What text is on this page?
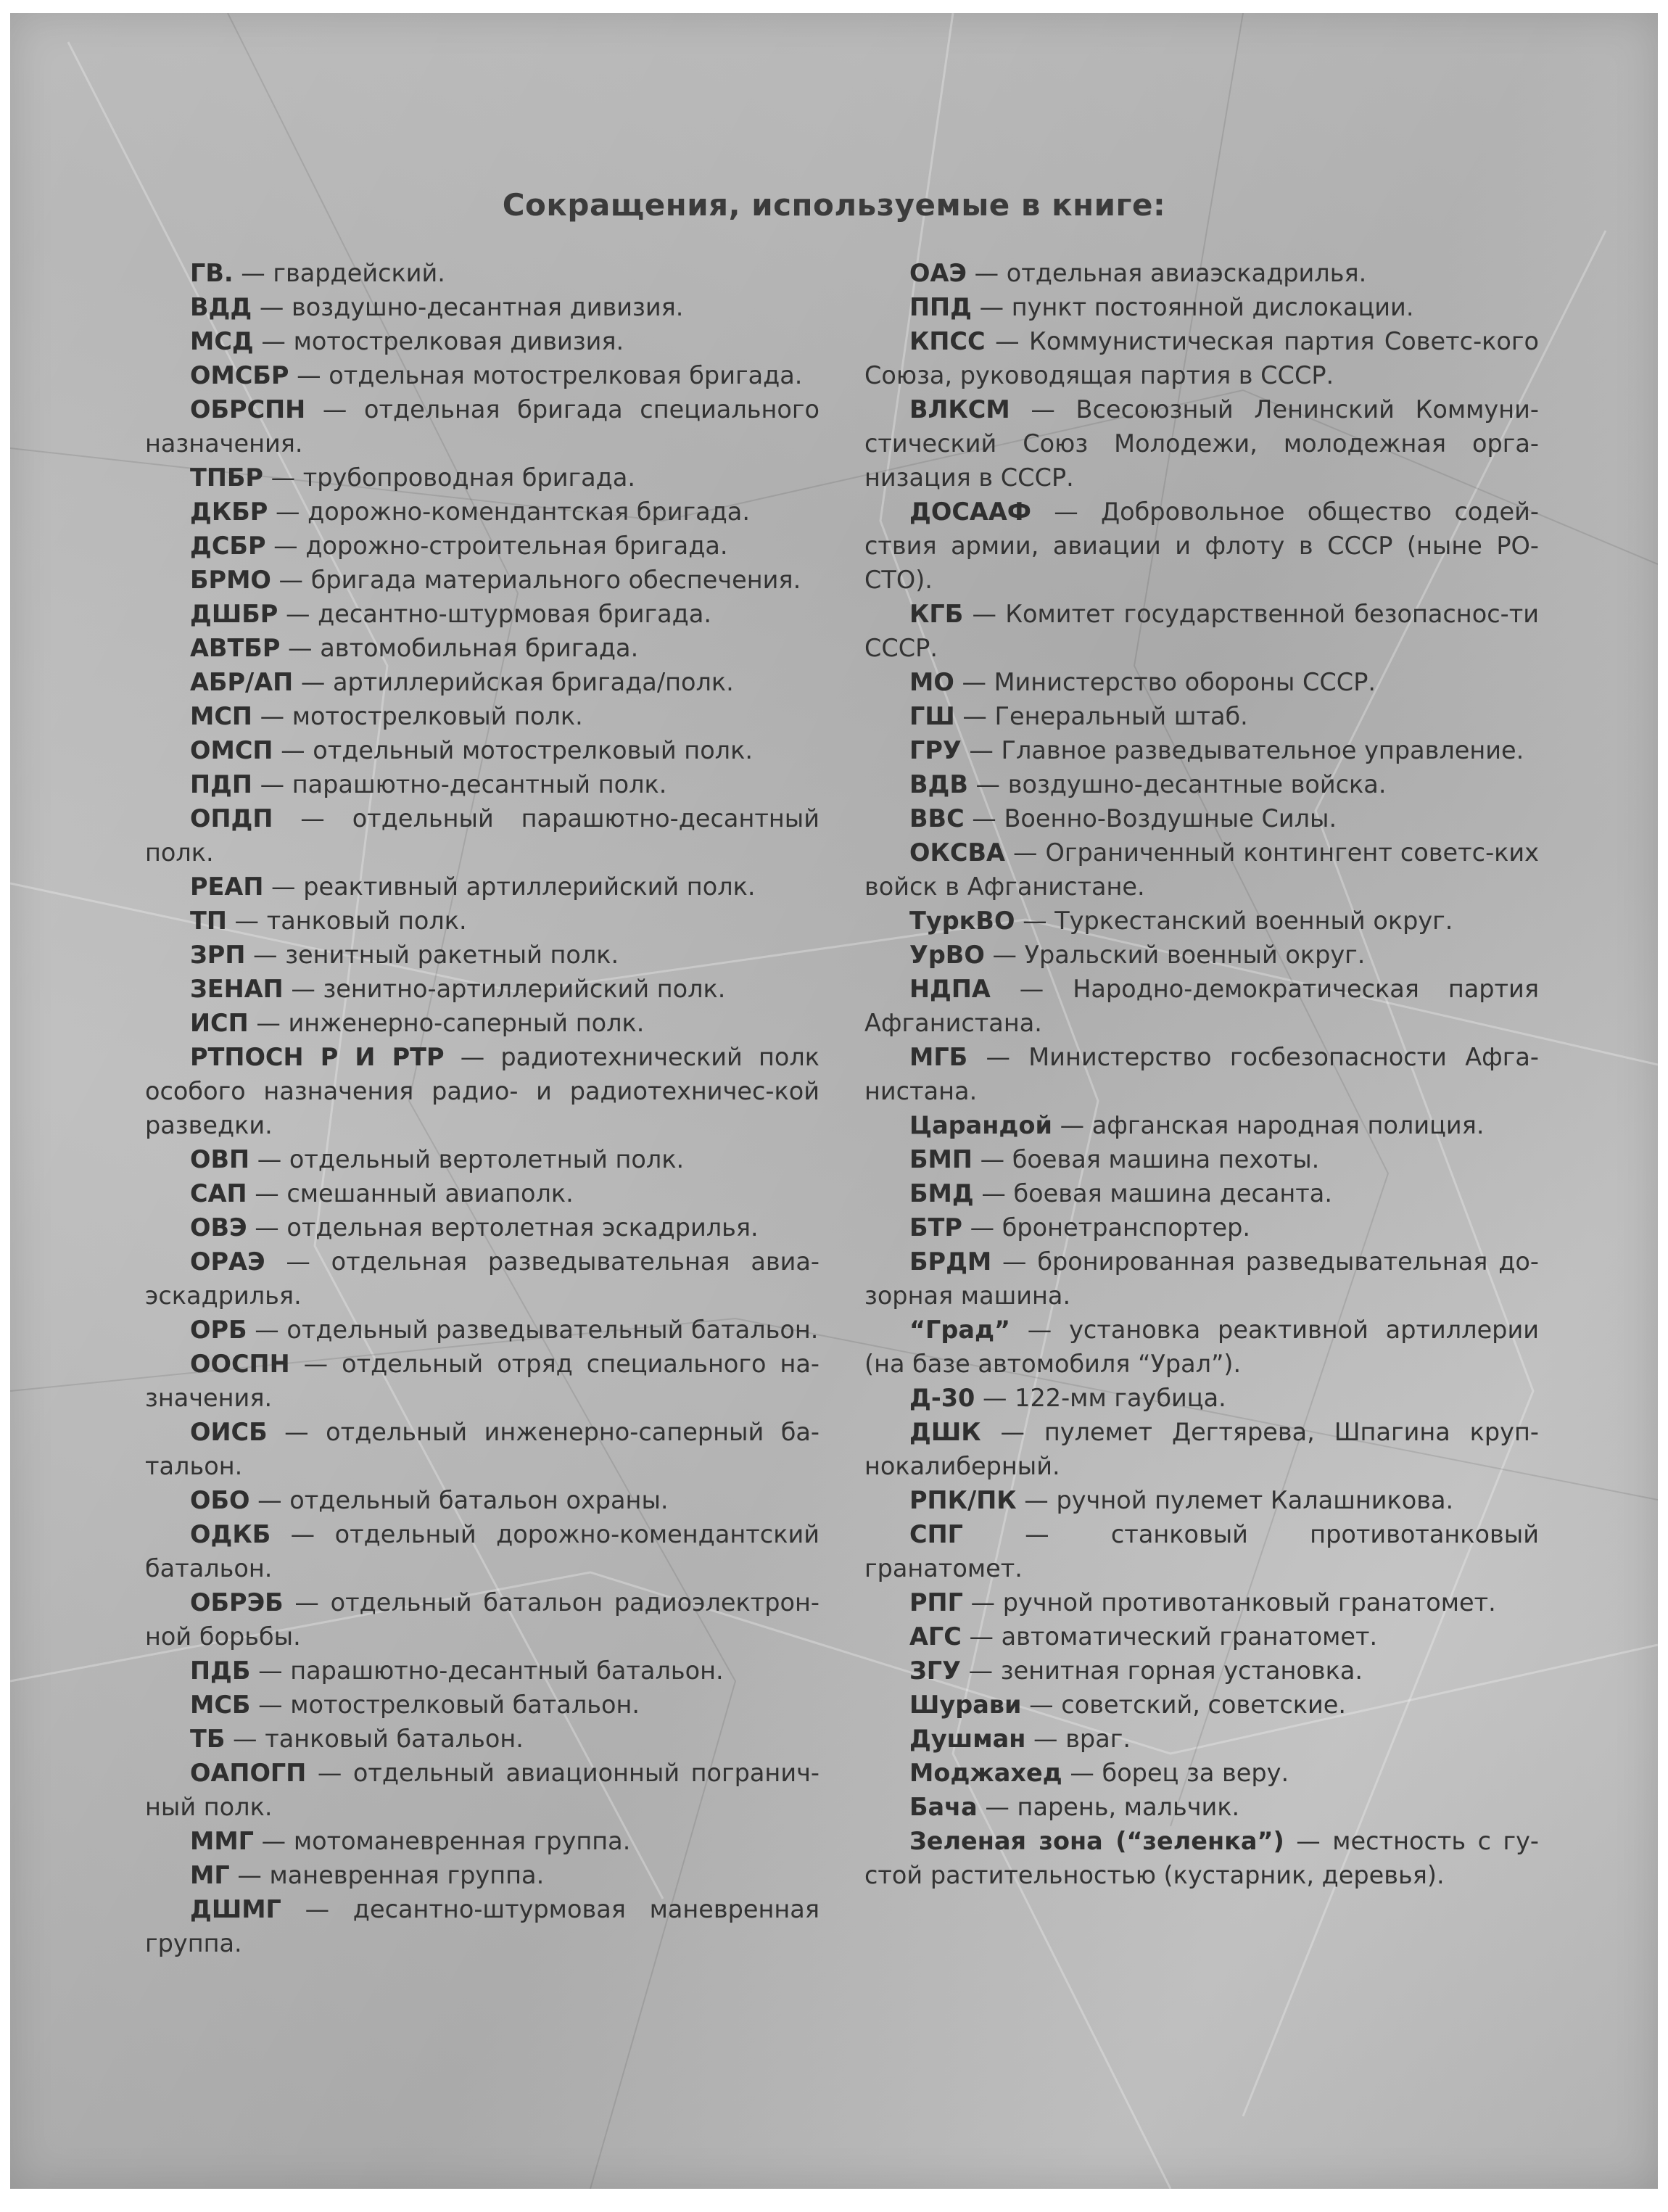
Сокращения, используемые в книге:
ГВ. — гвардейский.
ВДД — воздушно-десантная дивизия.
МСД — мотострелковая дивизия.
ОМСБР — отдельная мотострелковая бригада.
ОБРСПН — отдельная бригада специального назначения.
ТПБР — трубопроводная бригада.
ДКБР — дорожно-комендантская бригада.
ДСБР — дорожно-строительная бригада.
БРМО — бригада материального обеспечения.
ДШБР — десантно-штурмовая бригада.
АВТБР — автомобильная бригада.
АБР/АП — артиллерийская бригада/полк.
МСП — мотострелковый полк.
ОМСП — отдельный мотострелковый полк.
ПДП — парашютно-десантный полк.
ОПДП — отдельный парашютно-десантный полк.
РЕАП — реактивный артиллерийский полк.
ТП — танковый полк.
ЗРП — зенитный ракетный полк.
ЗЕНАП — зенитно-артиллерийский полк.
ИСП — инженерно-саперный полк.
РТПОСН Р И РТР — радиотехнический полк особого назначения радио- и радиотехничес-кой разведки.
ОВП — отдельный вертолетный полк.
САП — смешанный авиаполк.
ОВЭ — отдельная вертолетная эскадрилья.
ОРАЭ — отдельная разведывательная авиа-эскадрилья.
ОРБ — отдельный разведывательный батальон.
ООСПН — отдельный отряд специального на-значения.
ОИСБ — отдельный инженерно-саперный ба-тальон.
ОБО — отдельный батальон охраны.
ОДКБ — отдельный дорожно-комендантский батальон.
ОБРЭБ — отдельный батальон радиоэлектрон-ной борьбы.
ПДБ — парашютно-десантный батальон.
МСБ — мотострелковый батальон.
ТБ — танковый батальон.
ОАПОГП — отдельный авиационный погранич-ный полк.
ММГ — мотоманевренная группа.
МГ — маневренная группа.
ДШМГ — десантно-штурмовая маневренная группа.
ОАЭ — отдельная авиаэскадрилья.
ППД — пункт постоянной дислокации.
КПСС — Коммунистическая партия Советс-кого Союза, руководящая партия в СССР.
ВЛКСМ — Всесоюзный Ленинский Коммуни-стический Союз Молодежи, молодежная орга-низация в СССР.
ДОСААФ — Добровольное общество содей-ствия армии, авиации и флоту в СССР (ныне РО-СТО).
КГБ — Комитет государственной безопаснос-ти СССР.
МО — Министерство обороны СССР.
ГШ — Генеральный штаб.
ГРУ — Главное разведывательное управление.
ВДВ — воздушно-десантные войска.
ВВС — Военно-Воздушные Силы.
ОКСВА — Ограниченный контингент советс-ких войск в Афганистане.
ТуркВО — Туркестанский военный округ.
УрВО — Уральский военный округ.
НДПА — Народно-демократическая партия Афганистана.
МГБ — Министерство госбезопасности Афга-нистана.
Царандой — афганская народная полиция.
БМП — боевая машина пехоты.
БМД — боевая машина десанта.
БТР — бронетранспортер.
БРДМ — бронированная разведывательная до-зорная машина.
“Град” — установка реактивной артиллерии (на базе автомобиля “Урал”).
Д-30 — 122-мм гаубица.
ДШК — пулемет Дегтярева, Шпагина круп-нокалиберный.
РПК/ПК — ручной пулемет Калашникова.
СПГ — станковый противотанковый гранатомет.
РПГ — ручной противотанковый гранатомет.
АГС — автоматический гранатомет.
ЗГУ — зенитная горная установка.
Шурави — советский, советские.
Душман — враг.
Моджахед — борец за веру.
Бача — парень, мальчик.
Зеленая зона (“зеленка”) — местность с гу-стой растительностью (кустарник, деревья).
